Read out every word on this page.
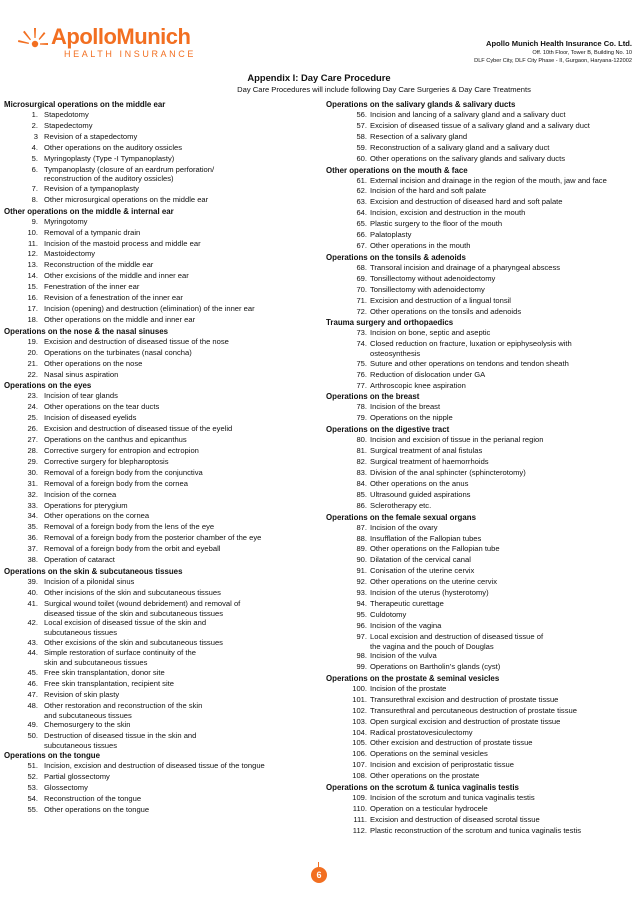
ApolloMunich
HEALTH INSURANCE
Apollo Munich Health Insurance Co. Ltd.
Off. 10th Floor, Tower B, Building No. 10
DLF Cyber City, DLF City Phase - II, Gurgaon, Haryana-122002
Appendix I: Day Care Procedure
Day Care Procedures will include following Day Care Surgeries & Day Care Treatments
Microsurgical operations on the middle ear
1. Stapedotomy
2. Stapedectomy
3 Revision of a stapedectomy
4. Other operations on the auditory ossicles
5. Myringoplasty (Type -I Tympanoplasty)
6. Tympanoplasty (closure of an eardrum perforation/
reconstruction of the auditory ossicles)
7. Revision of a tympanoplasty
8. Other microsurgical operations on the middle ear
Other operations on the middle & internal ear
9. Myringotomy
10. Removal of a tympanic drain
11. Incision of the mastoid process and middle ear
12. Mastoidectomy
13. Reconstruction of the middle ear
14. Other excisions of the middle and inner ear
15. Fenestration of the inner ear
16. Revision of a fenestration of the inner ear
17. Incision (opening) and destruction (elimination) of the inner ear
18. Other operations on the middle and inner ear
Operations on the nose & the nasal sinuses
19. Excision and destruction of diseased tissue of the nose
20. Operations on the turbinates (nasal concha)
21. Other operations on the nose
22. Nasal sinus aspiration
Operations on the eyes
23. Incision of tear glands
24. Other operations on the tear ducts
25. Incision of diseased eyelids
26. Excision and destruction of diseased tissue of the eyelid
27. Operations on the canthus and epicanthus
28. Corrective surgery for entropion and ectropion
29. Corrective surgery for blepharoptosis
30. Removal of a foreign body from the conjunctiva
31. Removal of a foreign body from the cornea
32. Incision of the cornea
33. Operations for pterygium
34. Other operations on the cornea
35. Removal of a foreign body from the lens of the eye
36. Removal of a foreign body from the posterior chamber of the eye
37. Removal of a foreign body from the orbit and eyeball
38. Operation of cataract
Operations on the skin & subcutaneous tissues
39. Incision of a pilonidal sinus
40. Other incisions of the skin and subcutaneous tissues
41. Surgical wound toilet (wound debridement) and removal of
diseased tissue of the skin and subcutaneous tissues
42. Local excision of diseased tissue of the skin and
subcutaneous tissues
43. Other excisions of the skin and subcutaneous tissues
44. Simple restoration of surface continuity of the
skin and subcutaneous tissues
45. Free skin transplantation, donor site
46. Free skin transplantation, recipient site
47. Revision of skin plasty
48. Other restoration and reconstruction of the skin
and subcutaneous tissues
49. Chemosurgery to the skin
50. Destruction of diseased tissue in the skin and
subcutaneous tissues
Operations on the tongue
51. Incision, excision and destruction of diseased tissue of the tongue
52. Partial glossectomy
53. Glossectomy
54. Reconstruction of the tongue
55. Other operations on the tongue
Operations on the salivary glands & salivary ducts
56. Incision and lancing of a salivary gland and a salivary duct
57. Excision of diseased tissue of a salivary gland and a salivary duct
58. Resection of a salivary gland
59. Reconstruction of a salivary gland and a salivary duct
60. Other operations on the salivary glands and salivary ducts
Other operations on the mouth & face
61. External incision and drainage in the region of the mouth, jaw and face
62. Incision of the hard and soft palate
63. Excision and destruction of diseased hard and soft palate
64. Incision, excision and destruction in the mouth
65. Plastic surgery to the floor of the mouth
66. Palatoplasty
67. Other operations in the mouth
Operations on the tonsils & adenoids
68. Transoral incision and drainage of a pharyngeal abscess
69. Tonsillectomy without adenoidectomy
70. Tonsillectomy with adenoidectomy
71. Excision and destruction of a lingual tonsil
72. Other operations on the tonsils and adenoids
Trauma surgery and orthopaedics
73. Incision on bone, septic and aseptic
74. Closed reduction on fracture, luxation or epiphyseolysis with
osteosynthesis
75. Suture and other operations on tendons and tendon sheath
76. Reduction of dislocation under GA
77. Arthroscopic knee aspiration
Operations on the breast
78. Incision of the breast
79. Operations on the nipple
Operations on the digestive tract
80. Incision and excision of tissue in the perianal region
81. Surgical treatment of anal fistulas
82. Surgical treatment of haemorrhoids
83. Division of the anal sphincter (sphincterotomy)
84. Other operations on the anus
85. Ultrasound guided aspirations
86. Sclerotherapy etc.
Operations on the female sexual organs
87. Incision of the ovary
88. Insufflation of the Fallopian tubes
89. Other operations on the Fallopian tube
90. Dilatation of the cervical canal
91. Conisation of the uterine cervix
92. Other operations on the uterine cervix
93. Incision of the uterus (hysterotomy)
94. Therapeutic curettage
95. Culdotomy
96. Incision of the vagina
97. Local excision and destruction of diseased tissue of
the vagina and the pouch of Douglas
98. Incision of the vulva
99. Operations on Bartholin’s glands (cyst)
Operations on the prostate & seminal vesicles
100. Incision of the prostate
101. Transurethral excision and destruction of prostate tissue
102. Transurethral and percutaneous destruction of prostate tissue
103. Open surgical excision and destruction of prostate tissue
104. Radical prostatovesiculectomy
105. Other excision and destruction of prostate tissue
106. Operations on the seminal vesicles
107. Incision and excision of periprostatic tissue
108. Other operations on the prostate
Operations on the scrotum & tunica vaginalis testis
109. Incision of the scrotum and tunica vaginalis testis
110. Operation on a testicular hydrocele
111. Excision and destruction of diseased scrotal tissue
112. Plastic reconstruction of the scrotum and tunica vaginalis testis
6
